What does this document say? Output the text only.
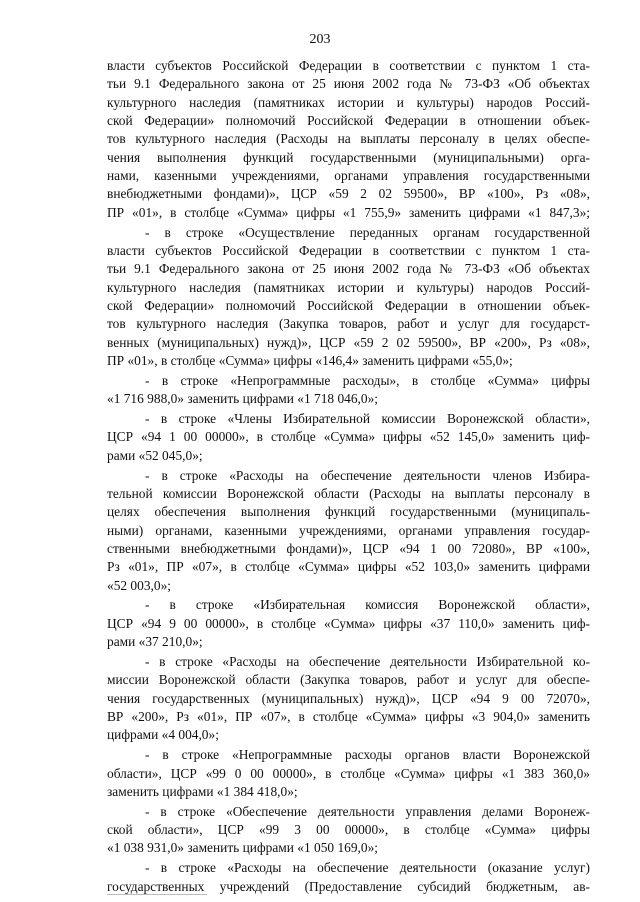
203

власти субъектов Российской Федерации в соответствии с пунктом 1 ста-
тьи 9.1 Федерального закона от 25 июня 2002 года № 73-ФЗ «Об объектах
культурного наследия (памятниках истории и культуры) народов Россий-
ской Федерации» полномочий Российской Федерации в отношении объек-
тов культурного наследия (Расходы на выплаты персоналу в целях обеспе-
чения выполнения функций государственными (муниципальными) орга-
нами, казенными учреждениями, органами управления государственными
внебюджетными фондами)», ЦСР «59 2 02 59500», ВР «100», Рз «08»,
ПР «01», в столбце «Сумма» цифры «1 755,9» заменить цифрами «1 847,3»;

- в строке «Осуществление переданных органам государственной
власти субъектов Российской Федерации в соответствии с пунктом 1 ста-
тьи 9.1 Федерального закона от 25 июня 2002 года № 73-ФЗ «Об объектах
культурного наследия (памятниках истории и культуры) народов Россий-
ской Федерации» полномочий Российской Федерации в отношении объек-
тов культурного наследия (Закупка товаров, работ и услуг для государст-
венных (муниципальных) нужд)», ЦСР «59 2 02 59500», ВР «200», Рз «08»,
ПР «01», в столбце «Сумма» цифры «146,4» заменить цифрами «55,0»;

- в строке «Непрограммные расходы», в столбце «Сумма» цифры
«1 716 988,0» заменить цифрами «1 718 046,0»;

- в строке «Члены Избирательной комиссии Воронежской области»,
ЦСР «94 1 00 00000», в столбце «Сумма» цифры «52 145,0» заменить циф-
рами «52 045,0»;

- в строке «Расходы на обеспечение деятельности членов Избира-
тельной комиссии Воронежской области (Расходы на выплаты персоналу в
целях обеспечения выполнения функций государственными (муниципаль-
ными) органами, казенными учреждениями, органами управления государ-
ственными внебюджетными фондами)», ЦСР «94 1 00 72080», ВР «100»,
Рз «01», ПР «07», в столбце «Сумма» цифры «52 103,0» заменить цифрами
«52 003,0»;

- в строке «Избирательная комиссия Воронежской области»,
ЦСР «94 9 00 00000», в столбце «Сумма» цифры «37 110,0» заменить циф-
рами «37 210,0»;

- в строке «Расходы на обеспечение деятельности Избирательной ко-
миссии Воронежской области (Закупка товаров, работ и услуг для обеспе-
чения государственных (муниципальных) нужд)», ЦСР «94 9 00 72070»,
ВР «200», Рз «01», ПР «07», в столбце «Сумма» цифры «3 904,0» заменить
цифрами «4 004,0»;

- в строке «Непрограммные расходы органов власти Воронежской
области», ЦСР «99 0 00 00000», в столбце «Сумма» цифры «1 383 360,0»
заменить цифрами «1 384 418,0»;

- в строке «Обеспечение деятельности управления делами Воронеж-
ской области», ЦСР «99 3 00 00000», в столбце «Сумма» цифры
«1 038 931,0» заменить цифрами «1 050 169,0»;

- в строке «Расходы на обеспечение деятельности (оказание услуг)
государственных учреждений (Предоставление субсидий бюджетным, ав-
